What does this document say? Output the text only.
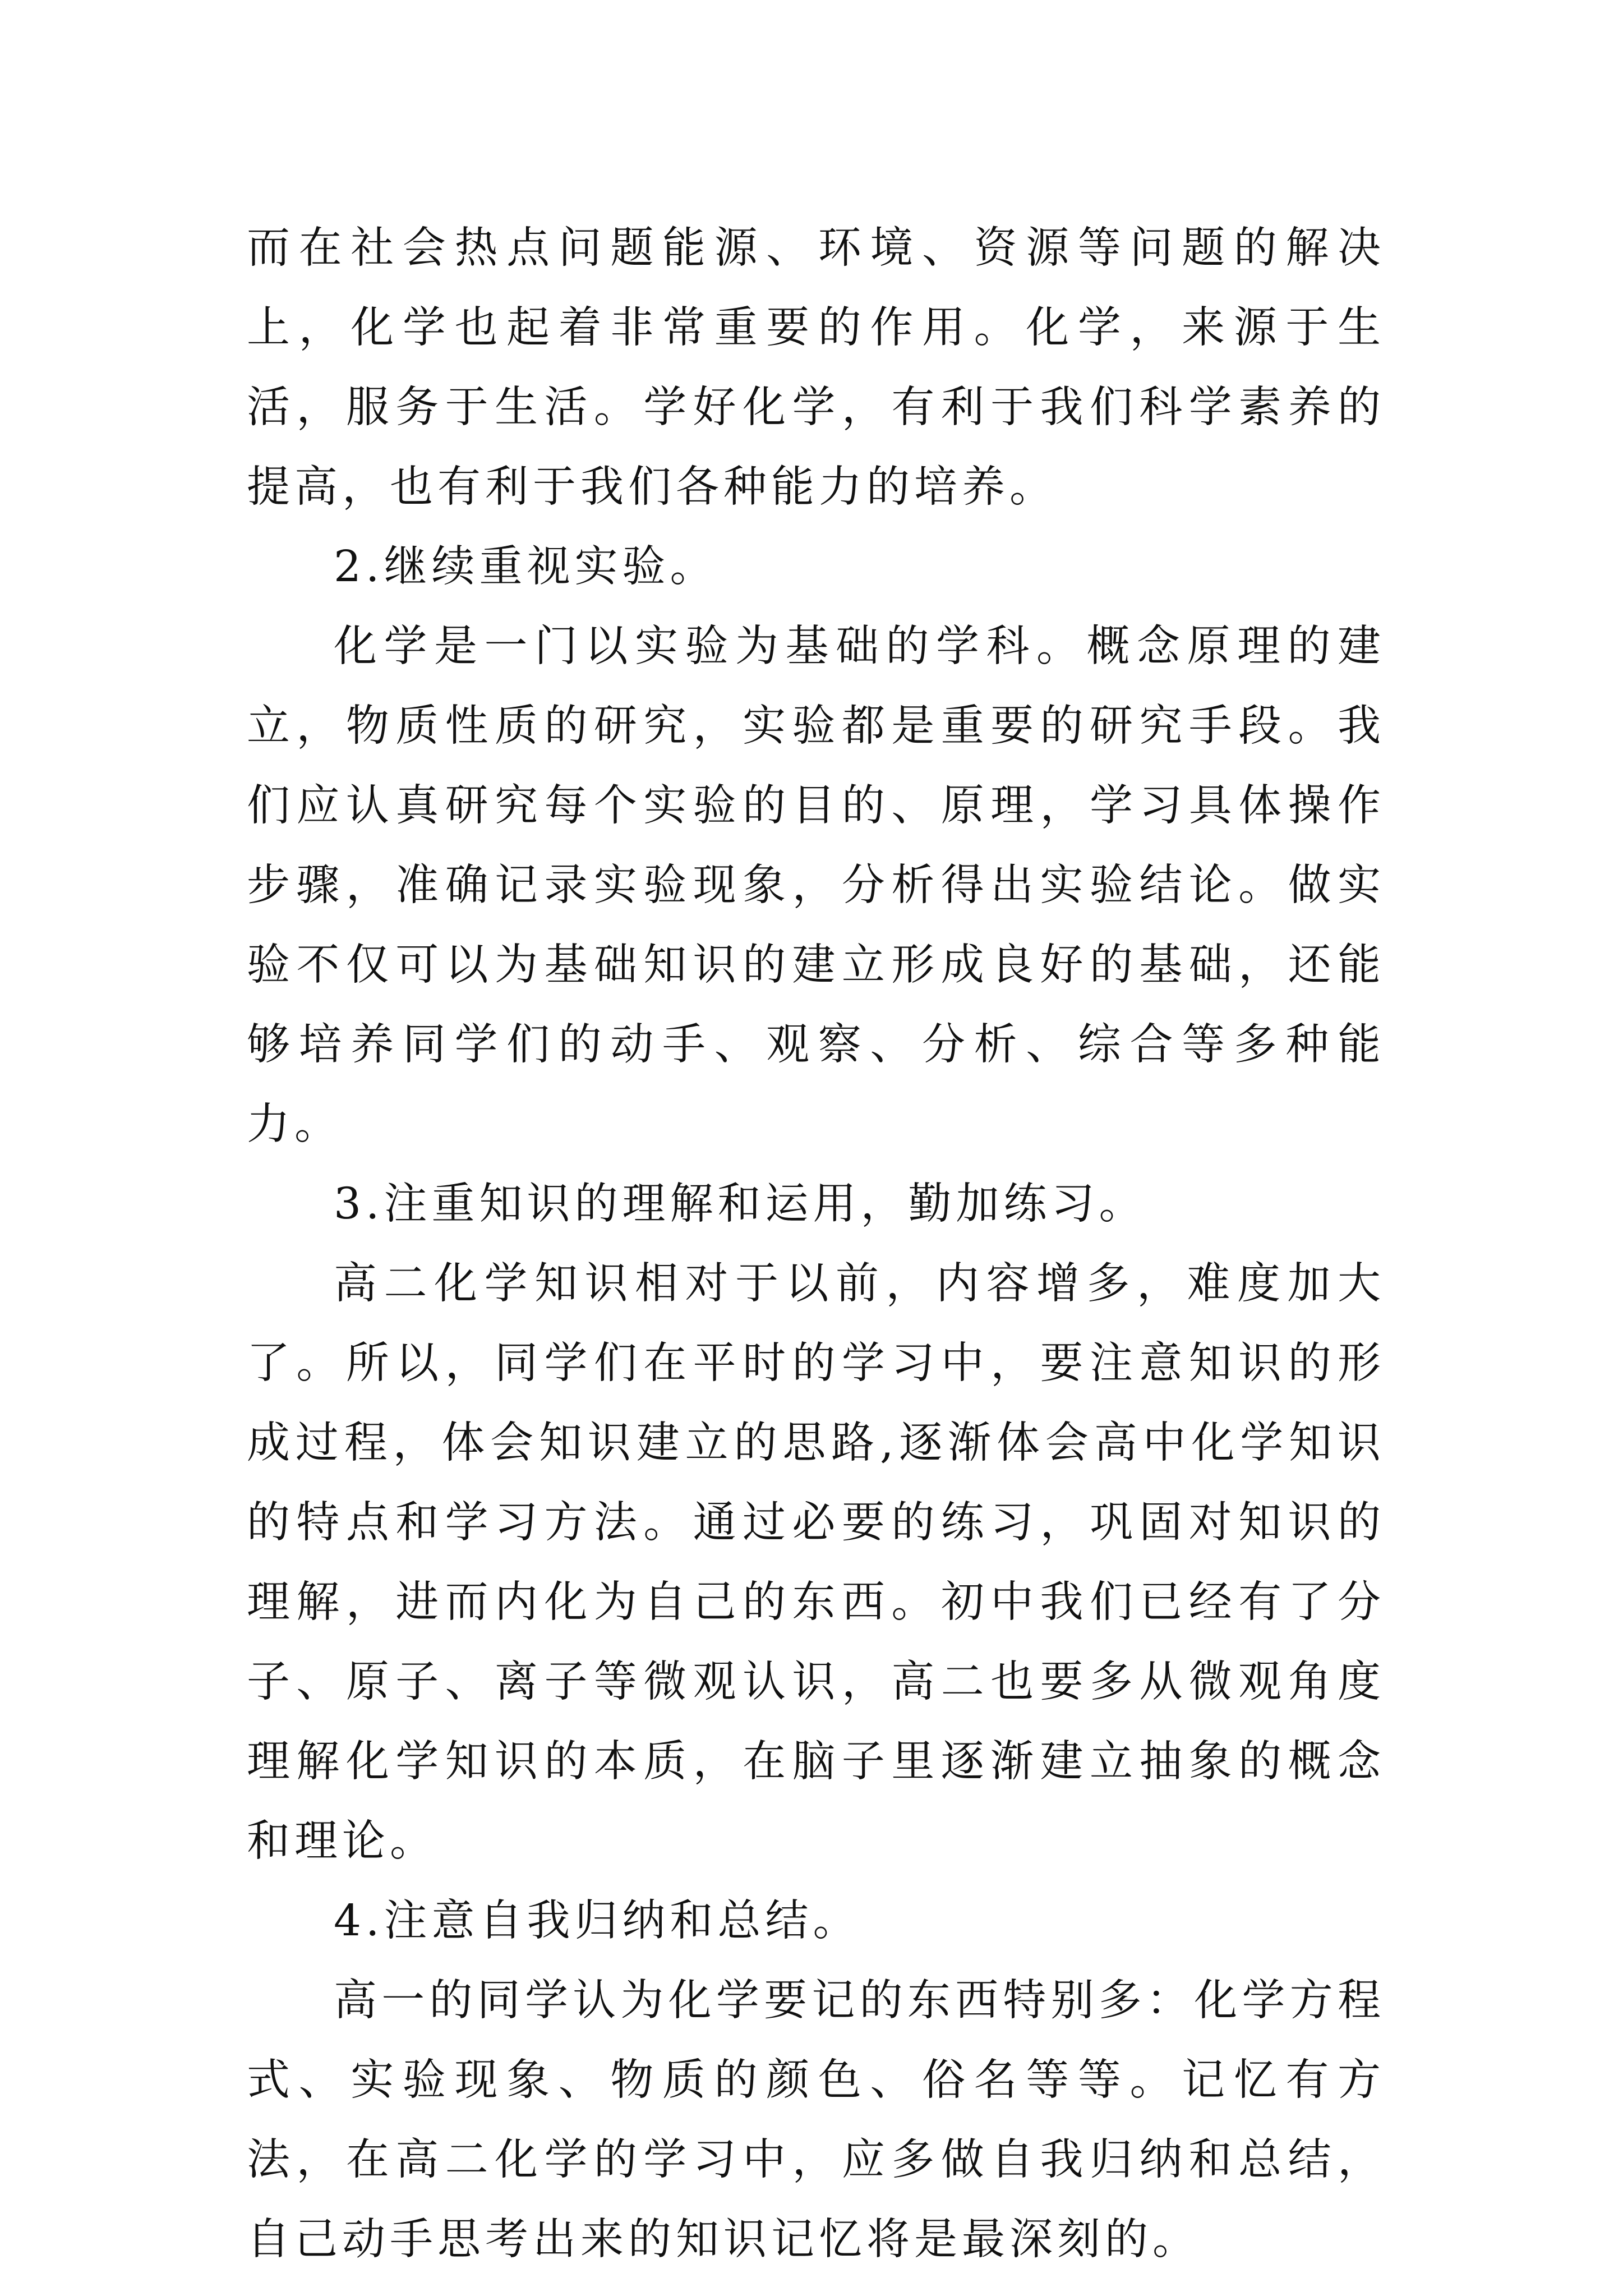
而在社会热点问题能源、环境、资源等问题的解决上，化学也起着非常重要的作用。化学，来源于生活，服务于生活。学好化学，有利于我们科学素养的提高，也有利于我们各种能力的培养。

2.继续重视实验。

化学是一门以实验为基础的学科。概念原理的建立，物质性质的研究，实验都是重要的研究手段。我们应认真研究每个实验的目的、原理，学习具体操作步骤，准确记录实验现象，分析得出实验结论。做实验不仅可以为基础知识的建立形成良好的基础，还能够培养同学们的动手、观察、分析、综合等多种能力。

3.注重知识的理解和运用，勤加练习。

高二化学知识相对于以前，内容增多，难度加大了。所以，同学们在平时的学习中，要注意知识的形成过程，体会知识建立的思路,逐渐体会高中化学知识的特点和学习方法。通过必要的练习，巩固对知识的理解，进而内化为自己的东西。初中我们已经有了分子、原子、离子等微观认识，高二也要多从微观角度理解化学知识的本质，在脑子里逐渐建立抽象的概念和理论。

4.注意自我归纳和总结。

高一的同学认为化学要记的东西特别多：化学方程式、实验现象、物质的颜色、俗名等等。记忆有方法，在高二化学的学习中，应多做自我归纳和总结，自己动手思考出来的知识记忆将是最深刻的。
